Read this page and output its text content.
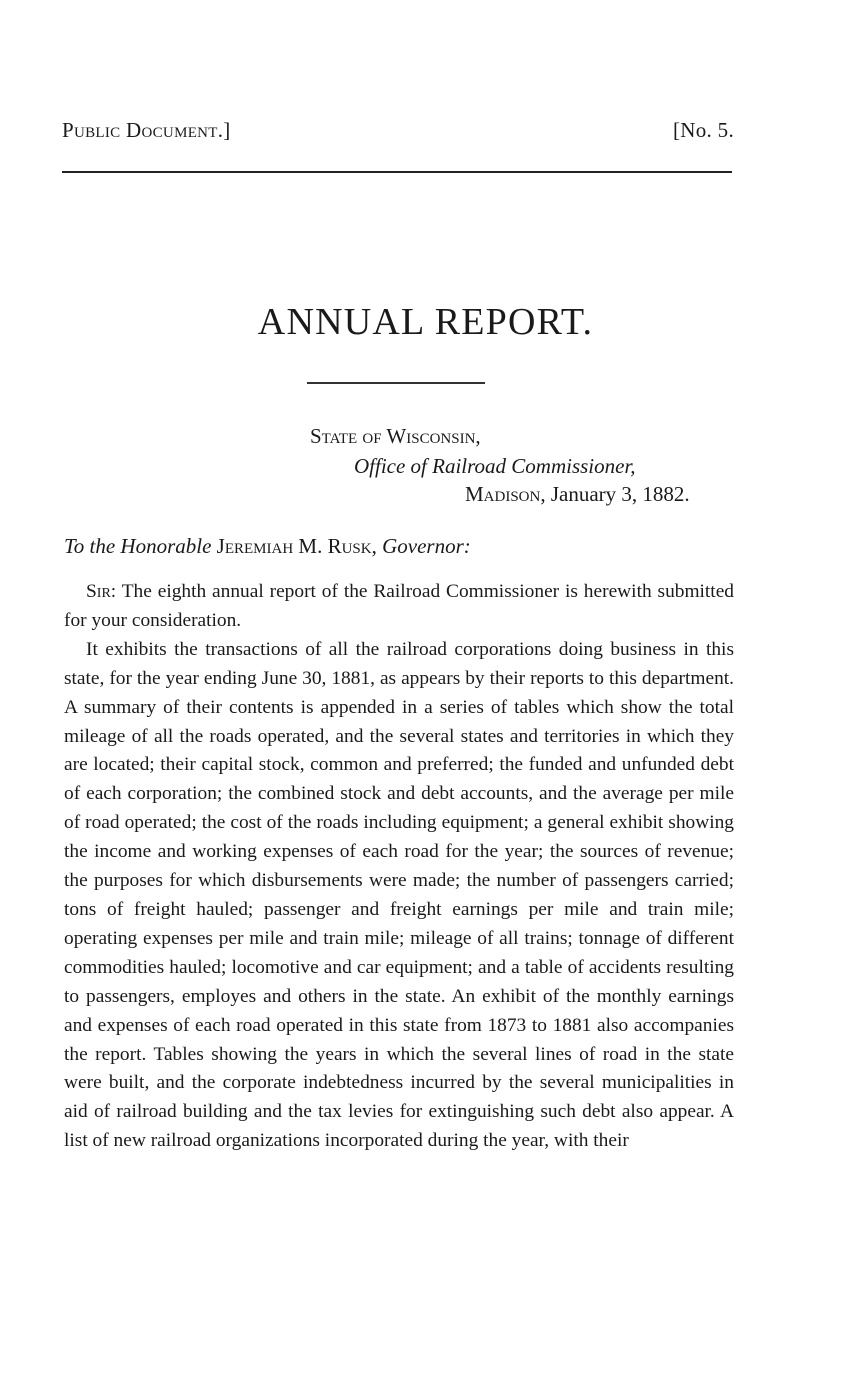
Public Document.]	[No. 5.
ANNUAL REPORT.
State of Wisconsin,
Office of Railroad Commissioner,
Madison, January 3, 1882.
To the Honorable Jeremiah M. Rusk, Governor:

Sir: The eighth annual report of the Railroad Commissioner is herewith submitted for your consideration.

It exhibits the transactions of all the railroad corporations doing business in this state, for the year ending June 30, 1881, as appears by their reports to this department. A summary of their contents is appended in a series of tables which show the total mileage of all the roads operated, and the several states and territories in which they are located; their capital stock, common and preferred; the funded and unfunded debt of each corporation; the combined stock and debt accounts, and the average per mile of road operated; the cost of the roads including equipment; a general exhibit showing the income and working expenses of each road for the year; the sources of revenue; the purposes for which disbursements were made; the number of passengers carried; tons of freight hauled; passenger and freight earnings per mile and train mile; operating expenses per mile and train mile; mileage of all trains; tonnage of different commodities hauled; locomotive and car equipment; and a table of accidents resulting to passengers, employes and others in the state. An exhibit of the monthly earnings and expenses of each road operated in this state from 1873 to 1881 also accompanies the report. Tables showing the years in which the several lines of road in the state were built, and the corporate indebtedness incurred by the several municipalities in aid of railroad building and the tax levies for extinguishing such debt also appear. A list of new railroad organizations incorporated during the year, with their
